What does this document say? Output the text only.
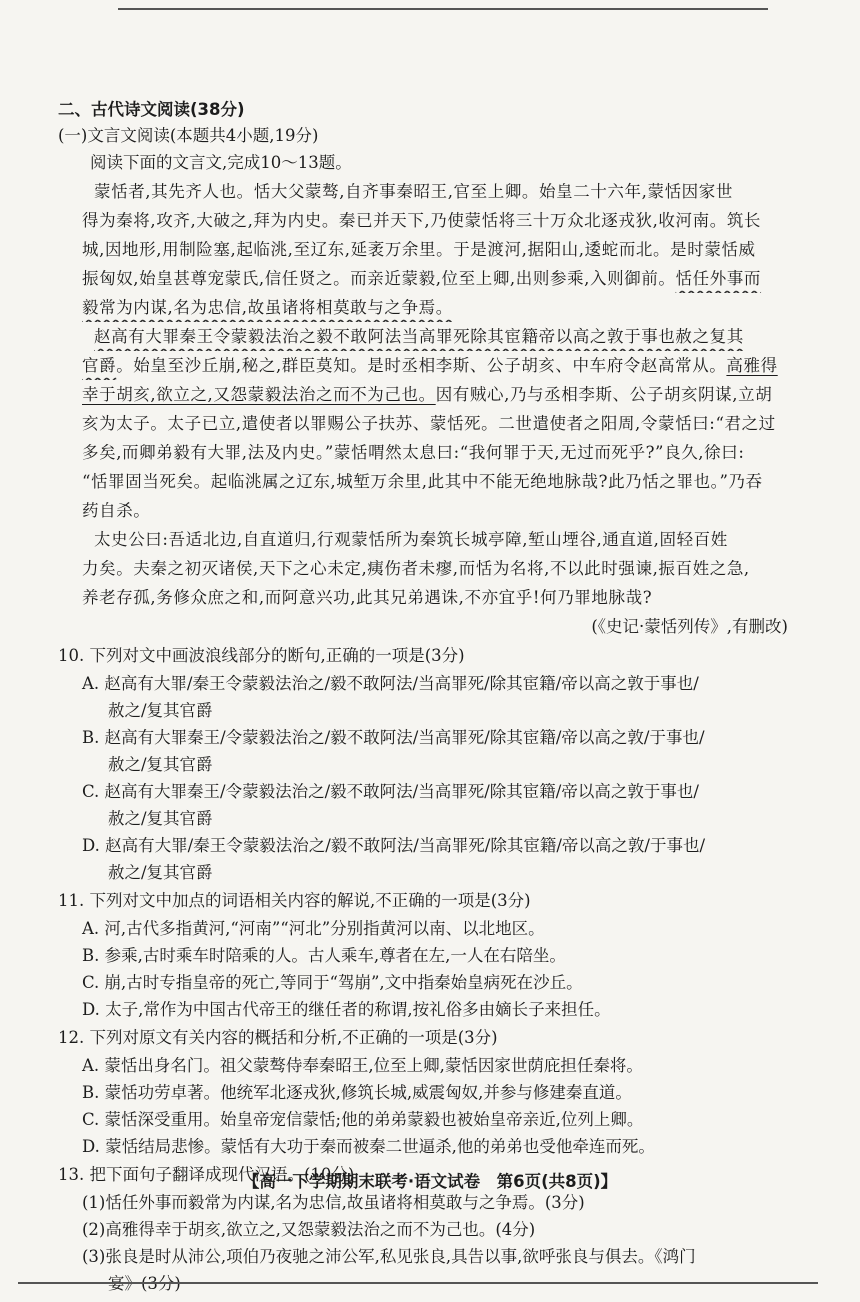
二、古代诗文阅读(38分)
(一)文言文阅读(本题共4小题,19分)
阅读下面的文言文,完成10～13题。
蒙恬者,其先齐人也。恬大父蒙骜,自齐事秦昭王,官至上卿。始皇二十六年,蒙恬因家世
得为秦将,攻齐,大破之,拜为内史。秦已并天下,乃使蒙恬将三十万众北逐戎狄,收河南。筑长
城,因地形,用制险塞,起临洮,至辽东,延袤万余里。于是渡河,据阳山,逶蛇而北。是时蒙恬威
振匈奴,始皇甚尊宠蒙氏,信任贤之。而亲近蒙毅,位至上卿,出则参乘,入则御前。恬任外事而
毅常为内谋,名为忠信,故虽诸将相莫敢与之争焉。
赵高有大罪秦王令蒙毅法治之毅不敢阿法当高罪死除其宦籍帝以高之敦于事也赦之复其
官爵。始皇至沙丘崩,秘之,群臣莫知。是时丞相李斯、公子胡亥、中车府令赵高常从。高雅得
幸于胡亥,欲立之,又怨蒙毅法治之而不为己也。因有贼心,乃与丞相李斯、公子胡亥阴谋,立胡
亥为太子。太子已立,遣使者以罪赐公子扶苏、蒙恬死。二世遣使者之阳周,令蒙恬曰:“君之过
多矣,而卿弟毅有大罪,法及内史。”蒙恬喟然太息曰:“我何罪于天,无过而死乎?”良久,徐曰:
“恬罪固当死矣。起临洮属之辽东,城堑万余里,此其中不能无绝地脉哉?此乃恬之罪也。”乃吞
药自杀。
太史公曰:吾适北边,自直道归,行观蒙恬所为秦筑长城亭障,堑山堙谷,通直道,固轻百姓
力矣。夫秦之初灭诸侯,天下之心未定,痍伤者未瘳,而恬为名将,不以此时强谏,振百姓之急,
养老存孤,务修众庶之和,而阿意兴功,此其兄弟遇诛,不亦宜乎!何乃罪地脉哉?
(《史记·蒙恬列传》,有删改)
10. 下列对文中画波浪线部分的断句,正确的一项是(3分)
A. 赵高有大罪/秦王令蒙毅法治之/毅不敢阿法/当高罪死/除其宦籍/帝以高之敦于事也/
赦之/复其官爵
B. 赵高有大罪秦王/令蒙毅法治之/毅不敢阿法/当高罪死/除其宦籍/帝以高之敦/于事也/
赦之/复其官爵
C. 赵高有大罪秦王/令蒙毅法治之/毅不敢阿法/当高罪死/除其宦籍/帝以高之敦于事也/
赦之/复其官爵
D. 赵高有大罪/秦王令蒙毅法治之/毅不敢阿法/当高罪死/除其宦籍/帝以高之敦/于事也/
赦之/复其官爵
11. 下列对文中加点的词语相关内容的解说,不正确的一项是(3分)
A. 河,古代多指黄河,“河南”“河北”分别指黄河以南、以北地区。
B. 参乘,古时乘车时陪乘的人。古人乘车,尊者在左,一人在右陪坐。
C. 崩,古时专指皇帝的死亡,等同于“驾崩”,文中指秦始皇病死在沙丘。
D. 太子,常作为中国古代帝王的继任者的称谓,按礼俗多由嫡长子来担任。
12. 下列对原文有关内容的概括和分析,不正确的一项是(3分)
A. 蒙恬出身名门。祖父蒙骜侍奉秦昭王,位至上卿,蒙恬因家世荫庇担任秦将。
B. 蒙恬功劳卓著。他统军北逐戎狄,修筑长城,威震匈奴,并参与修建秦直道。
C. 蒙恬深受重用。始皇帝宠信蒙恬;他的弟弟蒙毅也被始皇帝亲近,位列上卿。
D. 蒙恬结局悲惨。蒙恬有大功于秦而被秦二世逼杀,他的弟弟也受他牵连而死。
13. 把下面句子翻译成现代汉语。(10分)
(1)恬任外事而毅常为内谋,名为忠信,故虽诸将相莫敢与之争焉。(3分)
(2)高雅得幸于胡亥,欲立之,又怨蒙毅法治之而不为己也。(4分)
(3)张良是时从沛公,项伯乃夜驰之沛公军,私见张良,具告以事,欲呼张良与俱去。《鸿门
【高一下学期期末联考·语文试卷　第6页(共8页)】
